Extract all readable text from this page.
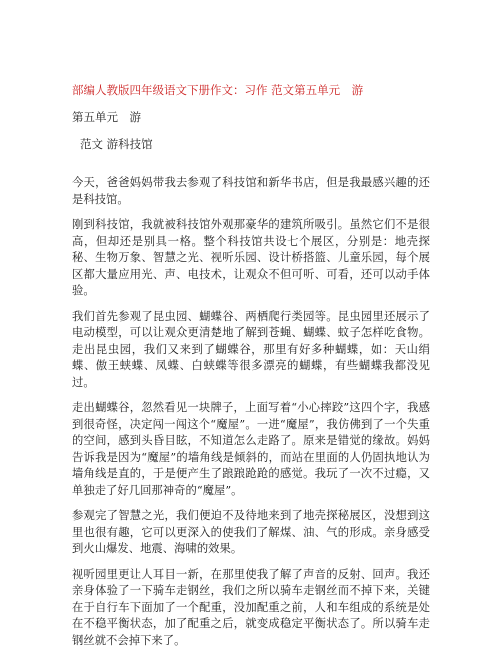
部编人教版四年级语文下册作文：习作 范文第五单元　游
第五单元　游
范文 游科技馆

今天，爸爸妈妈带我去参观了科技馆和新华书店，但是我最感兴趣的还是科技馆。

刚到科技馆，我就被科技馆外观那豪华的建筑所吸引。虽然它们不是很高，但却还是别具一格。整个科技馆共设七个展区，分别是：地壳探秘、生物万象、智慧之光、视听乐园、设计桥搭篮、儿童乐园，每个展区都大量应用光、声、电技术，让观众不但可听、可看，还可以动手体验。

我们首先参观了昆虫园、蝴蝶谷、两栖爬行类园等。昆虫园里还展示了电动模型，可以让观众更清楚地了解到苍蝇、蝴蝶、蚊子怎样吃食物。走出昆虫园，我们又来到了蝴蝶谷，那里有好多种蝴蝶，如：天山绢蝶、傲王蛱蝶、凤蝶、白蛱蝶等很多漂亮的蝴蝶，有些蝴蝶我都没见过。

走出蝴蝶谷，忽然看见一块牌子，上面写着“小心摔跤”这四个字，我感到很奇怪，决定闯一闯这个“魔屋”。一进“魔屋”，我仿佛到了一个失重的空间，感到头昏目眩，不知道怎么走路了。原来是错觉的缘故。妈妈告诉我是因为“魔屋”的墙角线是倾斜的，而站在里面的人仍固执地认为墙角线是直的，于是便产生了踉踉跄跄的感觉。我玩了一次不过瘾，又单独走了好几回那神奇的“魔屋”。

参观完了智慧之光，我们便迫不及待地来到了地壳探秘展区，没想到这里也很有趣，它可以更深入的使我们了解煤、油、气的形成。亲身感受到火山爆发、地震、海啸的效果。

视听园里更让人耳目一新，在那里使我了解了声音的反射、回声。我还亲身体验了一下骑车走钢丝，我们之所以骑车走钢丝而不掉下来，关键在于自行车下面加了一个配重，没加配重之前，人和车组成的系统是处在不稳平衡状态，加了配重之后，就变成稳定平衡状态了。所以骑车走钢丝就不会掉下来了。
